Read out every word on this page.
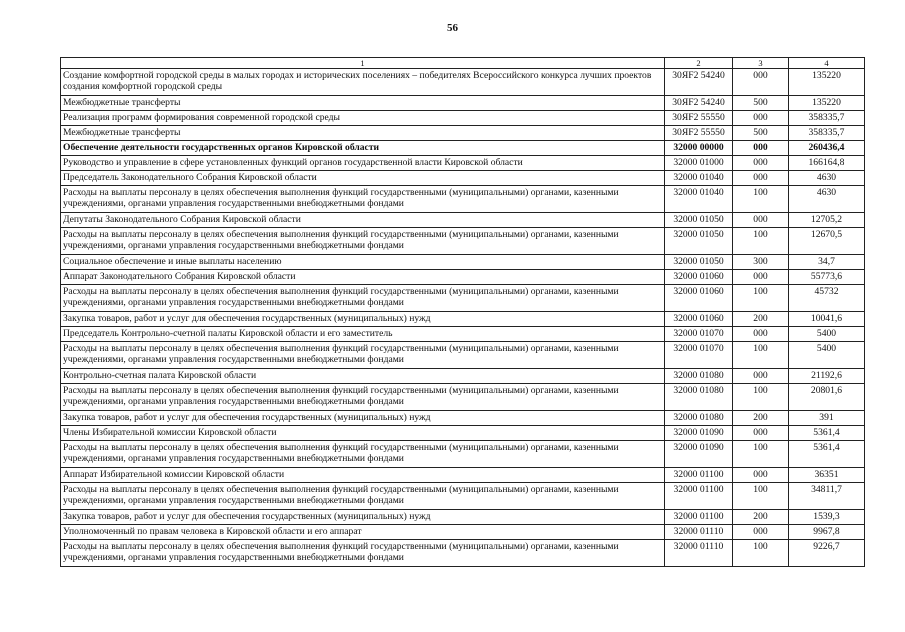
56
1	2	3	4
Создание комфортной городской среды в малых городах и исторических поселениях – победителях Всероссийского конкурса лучших проектов создания комфортной городской среды	30ЯF2 54240	000	135220
Межбюджетные трансферты	30ЯF2 54240	500	135220
Реализация программ формирования современной городской среды	30ЯF2 55550	000	358335,7
Межбюджетные трансферты	30ЯF2 55550	500	358335,7
Обеспечение деятельности государственных органов Кировской области	32000 00000	000	260436,4
Руководство и управление в сфере установленных функций органов государственной власти Кировской области	32000 01000	000	166164,8
Председатель Законодательного Собрания Кировской области	32000 01040	000	4630
Расходы на выплаты персоналу в целях обеспечения выполнения функций государственными (муниципальными) органами, казенными учреждениями, органами управления государственными внебюджетными фондами	32000 01040	100	4630
Депутаты Законодательного Собрания Кировской области	32000 01050	000	12705,2
Расходы на выплаты персоналу в целях обеспечения выполнения функций государственными (муниципальными) органами, казенными учреждениями, органами управления государственными внебюджетными фондами	32000 01050	100	12670,5
Социальное обеспечение и иные выплаты населению	32000 01050	300	34,7
Аппарат Законодательного Собрания Кировской области	32000 01060	000	55773,6
Расходы на выплаты персоналу в целях обеспечения выполнения функций государственными (муниципальными) органами, казенными учреждениями, органами управления государственными внебюджетными фондами	32000 01060	100	45732
Закупка товаров, работ и услуг для обеспечения государственных (муниципальных) нужд	32000 01060	200	10041,6
Председатель Контрольно-счетной палаты Кировской области и его заместитель	32000 01070	000	5400
Расходы на выплаты персоналу в целях обеспечения выполнения функций государственными (муниципальными) органами, казенными учреждениями, органами управления государственными внебюджетными фондами	32000 01070	100	5400
Контрольно-счетная палата Кировской области	32000 01080	000	21192,6
Расходы на выплаты персоналу в целях обеспечения выполнения функций государственными (муниципальными) органами, казенными учреждениями, органами управления государственными внебюджетными фондами	32000 01080	100	20801,6
Закупка товаров, работ и услуг для обеспечения государственных (муниципальных) нужд	32000 01080	200	391
Члены Избирательной комиссии Кировской области	32000 01090	000	5361,4
Расходы на выплаты персоналу в целях обеспечения выполнения функций государственными (муниципальными) органами, казенными учреждениями, органами управления государственными внебюджетными фондами	32000 01090	100	5361,4
Аппарат Избирательной комиссии Кировской области	32000 01100	000	36351
Расходы на выплаты персоналу в целях обеспечения выполнения функций государственными (муниципальными) органами, казенными учреждениями, органами управления государственными внебюджетными фондами	32000 01100	100	34811,7
Закупка товаров, работ и услуг для обеспечения государственных (муниципальных) нужд	32000 01100	200	1539,3
Уполномоченный по правам человека в Кировской области и его аппарат	32000 01110	000	9967,8
Расходы на выплаты персоналу в целях обеспечения выполнения функций государственными (муниципальными) органами, казенными учреждениями, органами управления государственными внебюджетными фондами	32000 01110	100	9226,7
